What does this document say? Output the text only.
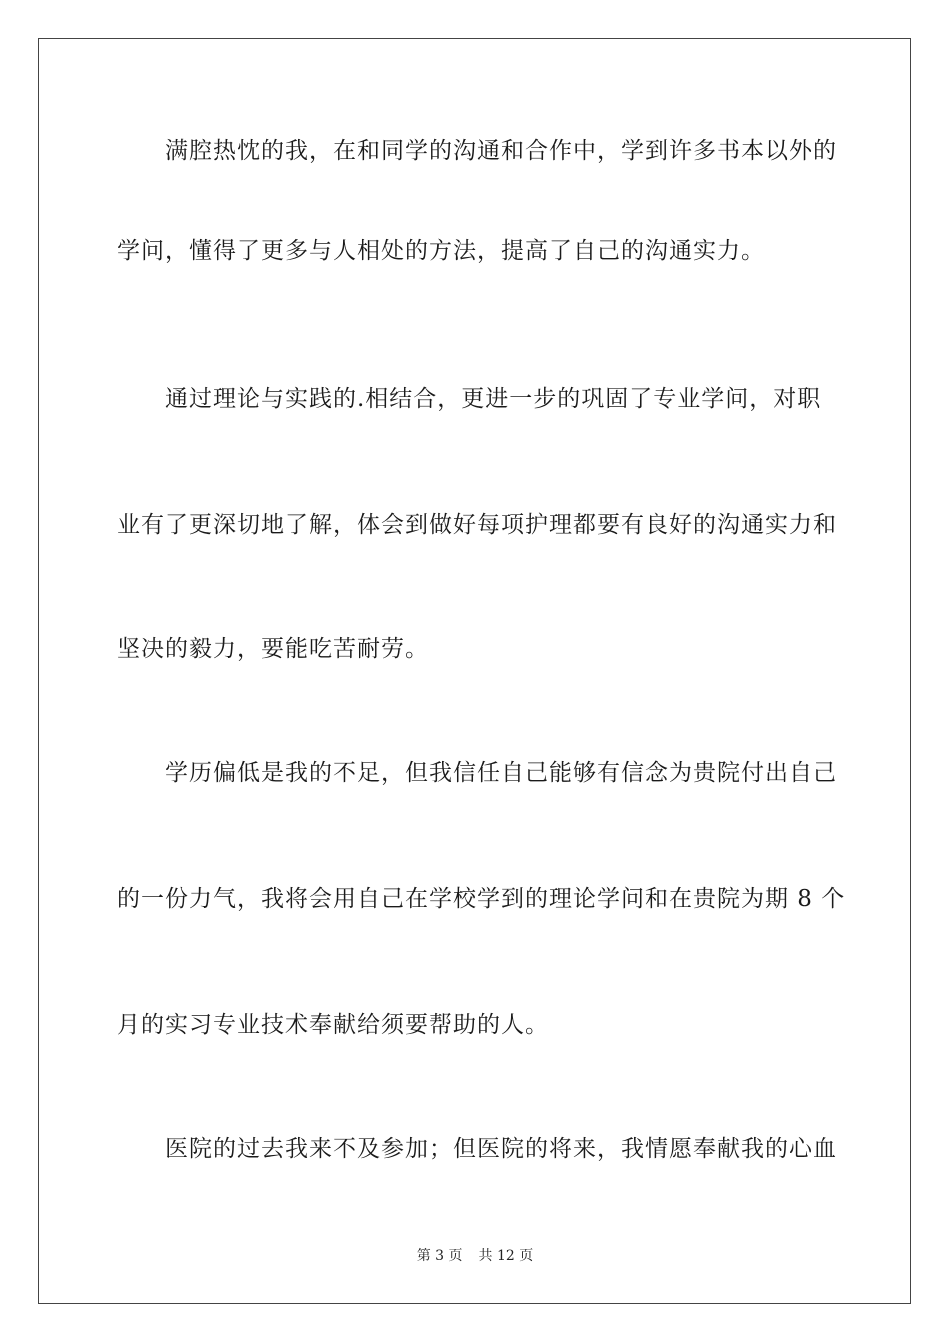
满腔热忱的我，在和同学的沟通和合作中，学到许多书本以外的
学问，懂得了更多与人相处的方法，提高了自己的沟通实力。
通过理论与实践的.相结合，更进一步的巩固了专业学问，对职
业有了更深切地了解，体会到做好每项护理都要有良好的沟通实力和
坚决的毅力，要能吃苦耐劳。
学历偏低是我的不足，但我信任自己能够有信念为贵院付出自己
的一份力气，我将会用自己在学校学到的理论学问和在贵院为期 8 个
月的实习专业技术奉献给须要帮助的人。
医院的过去我来不及参加；但医院的将来，我情愿奉献我的心血
第 3 页 共 12 页
